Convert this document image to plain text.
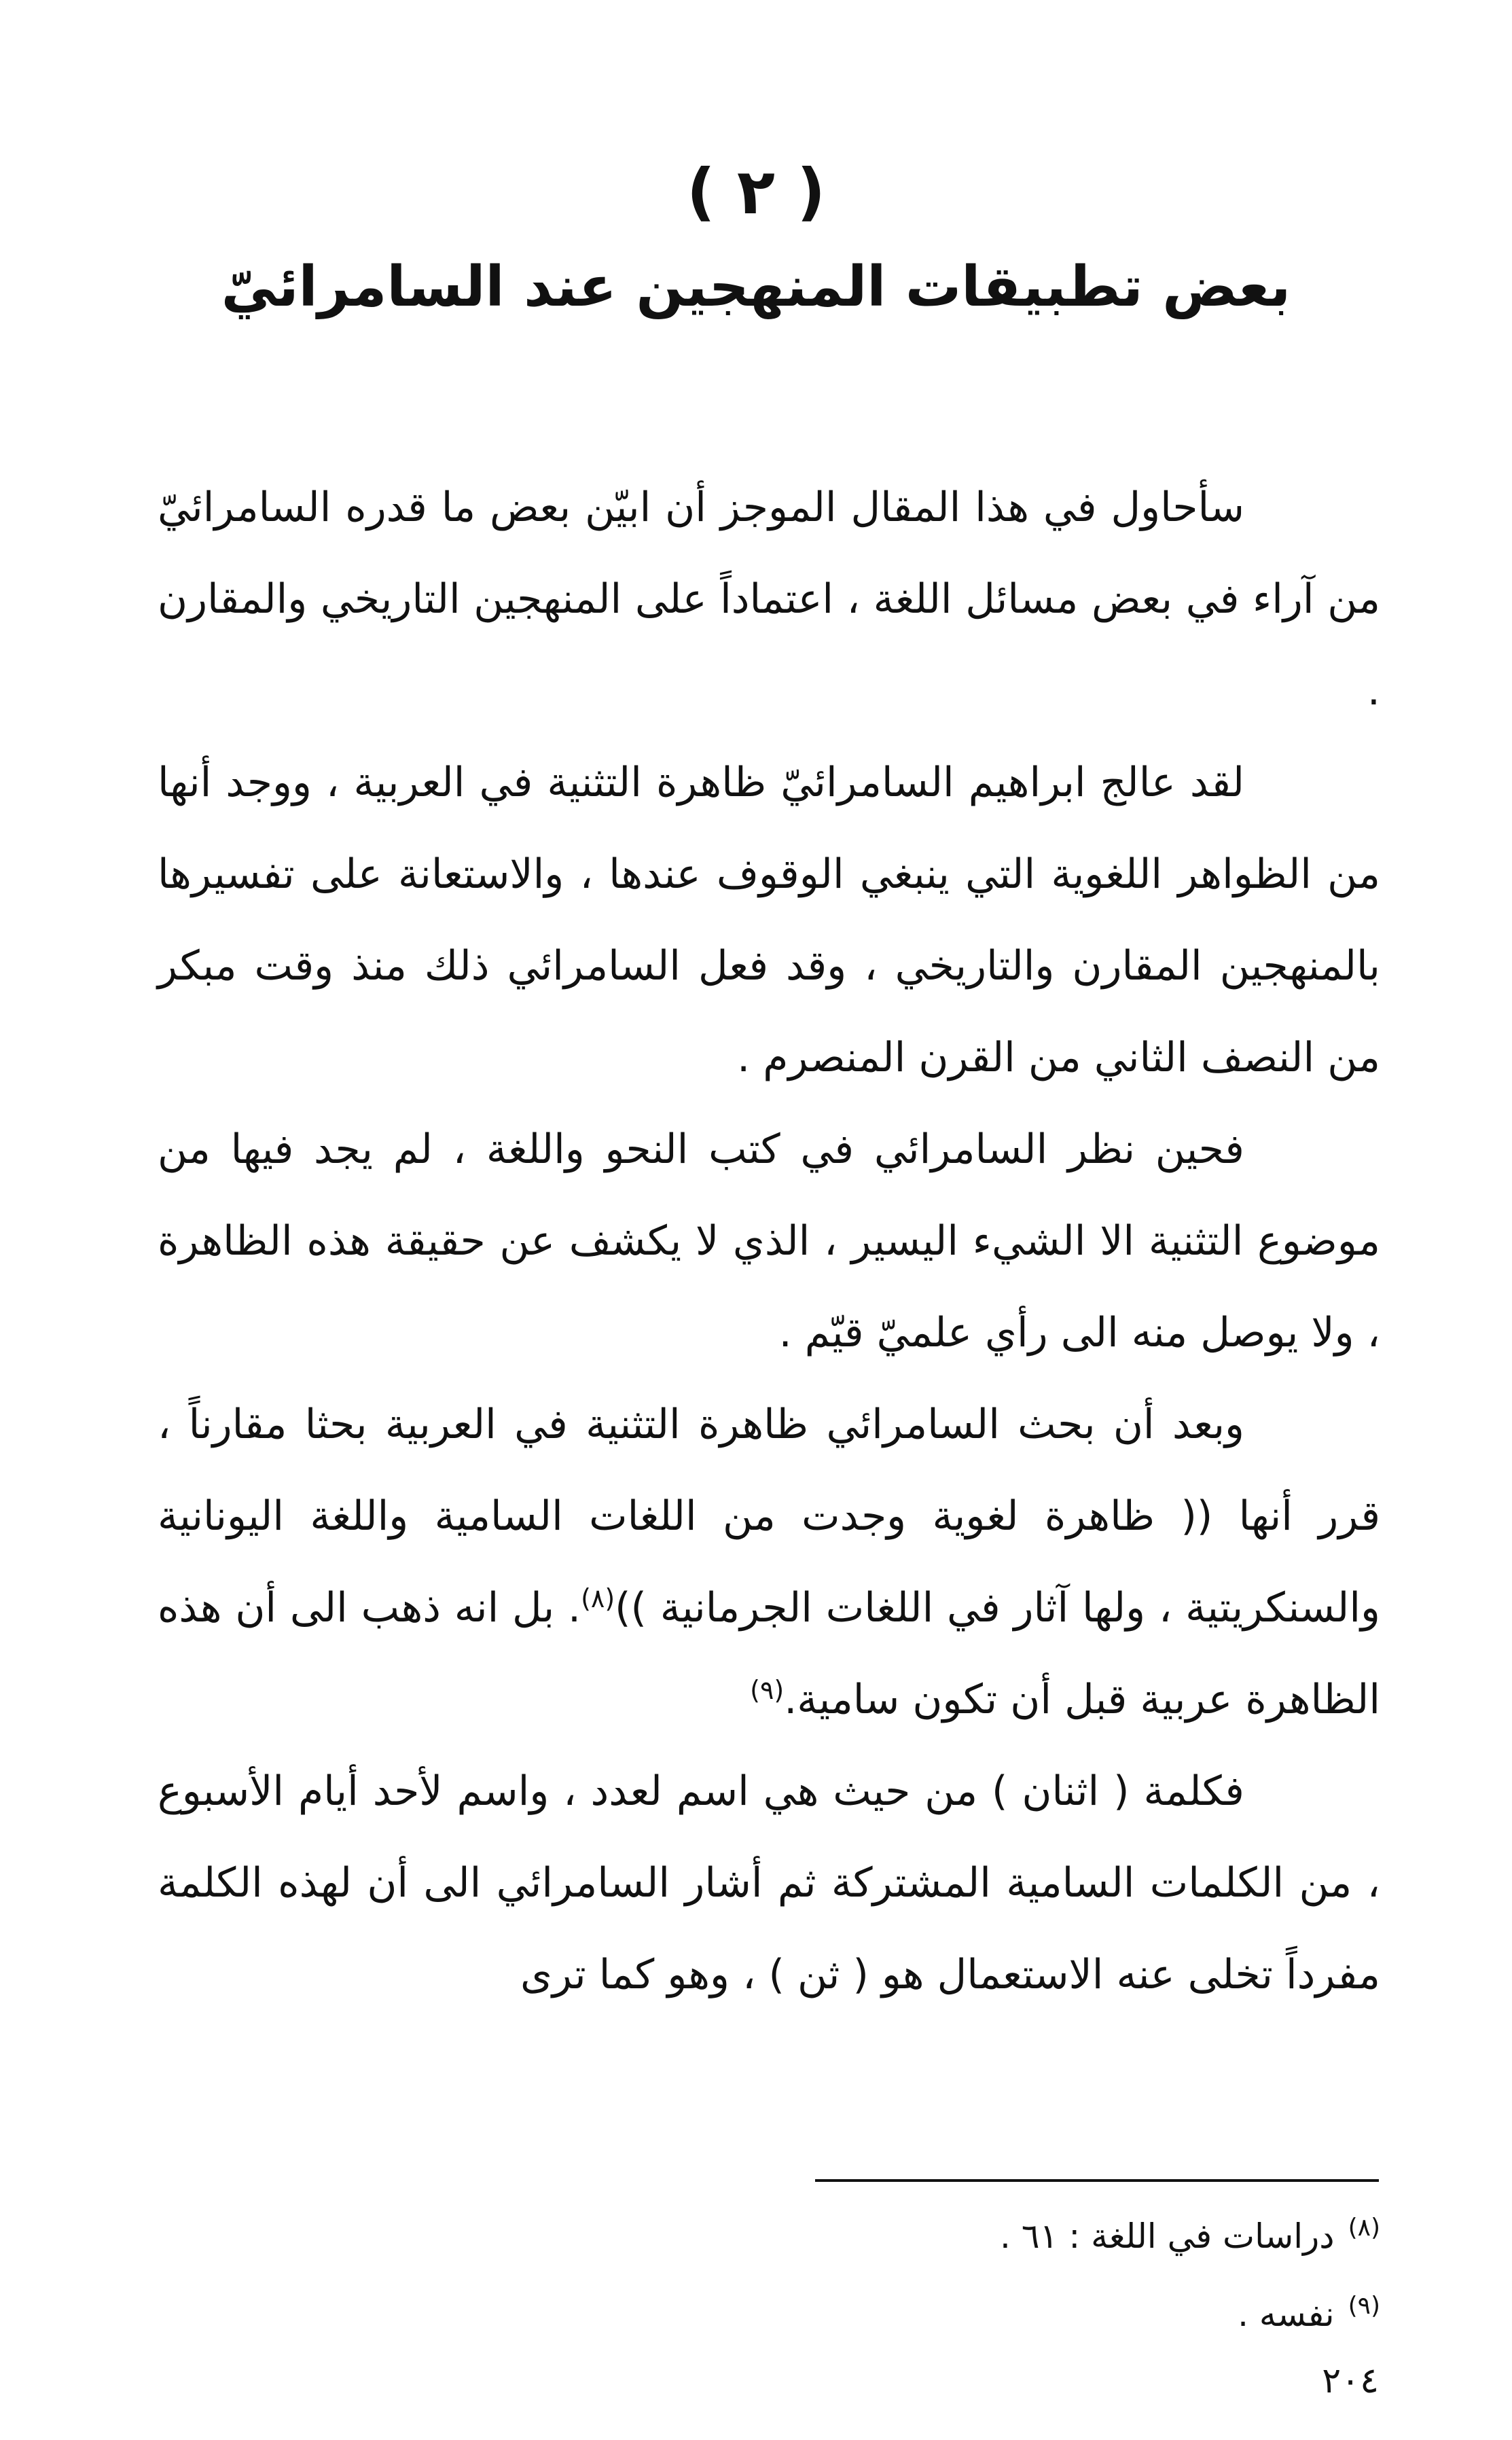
( ٢ )
بعض تطبيقات المنهجين عند السامرائيّ

سأحاول في هذا المقال الموجز أن ابيّن بعض ما قدره السامرائيّ من آراء في بعض مسائل اللغة ، اعتماداً على المنهجين التاريخي والمقارن .

لقد عالج ابراهيم السامرائيّ ظاهرة التثنية في العربية ، ووجد أنها من الظواهر اللغوية التي ينبغي الوقوف عندها ، والاستعانة على تفسيرها بالمنهجين المقارن والتاريخي ، وقد فعل السامرائي ذلك منذ وقت مبكر من النصف الثاني من القرن المنصرم .

فحين نظر السامرائي في كتب النحو واللغة ، لم يجد فيها من موضوع التثنية الا الشيء اليسير ، الذي لا يكشف عن حقيقة هذه الظاهرة ، ولا يوصل منه الى رأي علميّ قيّم .

وبعد أن بحث السامرائي ظاهرة التثنية في العربية بحثا مقارناً ، قرر أنها (( ظاهرة لغوية وجدت من اللغات السامية واللغة اليونانية والسنكريتية ، ولها آثار في اللغات الجرمانية ))$^{(٨)}$. بل انه ذهب الى أن هذه الظاهرة عربية قبل أن تكون سامية.$^{(٩)}$

فكلمة ( اثنان ) من حيث هي اسم لعدد ، واسم لأحد أيام الأسبوع ، من الكلمات السامية المشتركة ثم أشار السامرائي الى أن لهذه الكلمة مفرداً تخلى عنه الاستعمال هو ( ثن ) ، وهو كما ترى

$^{(٨)}$دراسات في اللغة : ٦١ .

$^{(٩)}$نفسه .

٢٠٤
